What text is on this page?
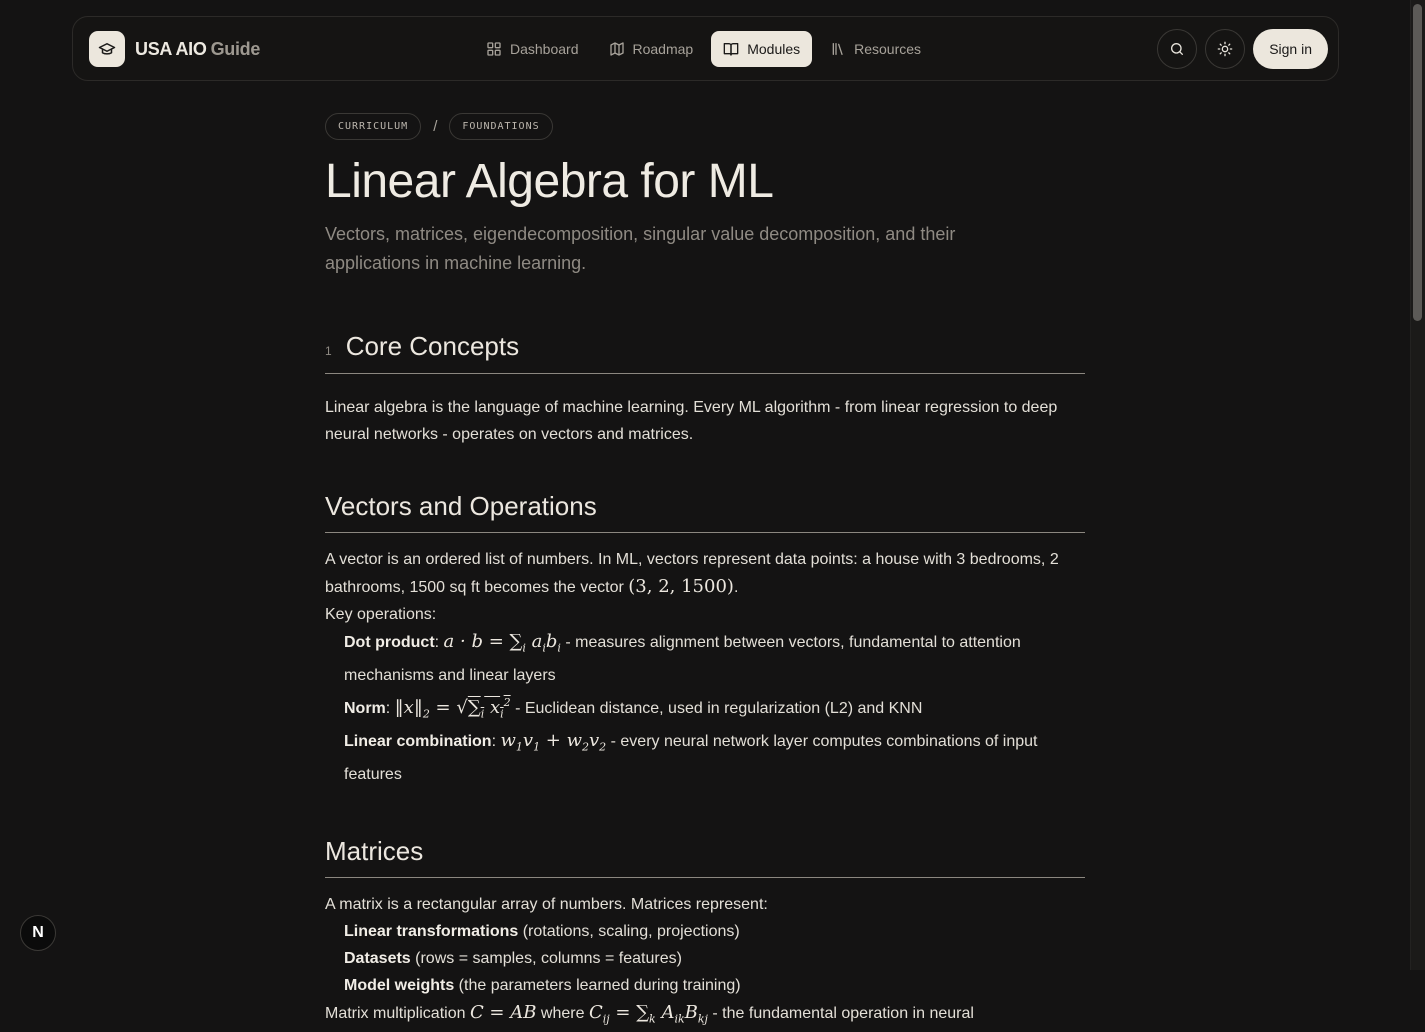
USA AIO Guide	Dashboard	Roadmap	Modules	Resources	Sign in
CURRICULUM	/	FOUNDATIONS
Linear Algebra for ML

Vectors, matrices, eigendecomposition, singular value decomposition, and their applications in machine learning.

1 Core Concepts

Linear algebra is the language of machine learning. Every ML algorithm - from linear regression to deep neural networks - operates on vectors and matrices.

Vectors and Operations

A vector is an ordered list of numbers. In ML, vectors represent data points: a house with 3 bedrooms, 2 bathrooms, 1500 sq ft becomes the vector (3, 2, 1500).

Key operations:

Dot product: $a \cdot b = \sum_i$ $a_ib_i$ - measures alignment between vectors, fundamental to attention mechanisms and linear layers
Norm: $‖x‖_2 = √\sum_i$ $x_i^2$ - Euclidean distance, used in regularization (L2) and KNN
Linear combination: $w_1v_1 + w_2v_2$ - every neural network layer computes combinations of input features
Matrices

A matrix is a rectangular array of numbers. Matrices represent:

Linear transformations (rotations, scaling, projections)
Datasets (rows = samples, columns = features)
Model weights (the parameters learned during training)

Matrix multiplication C = AB where $C_{ij} = \sum_k$ $A_{ik}B_{kj}$ - the fundamental operation in neural

N
